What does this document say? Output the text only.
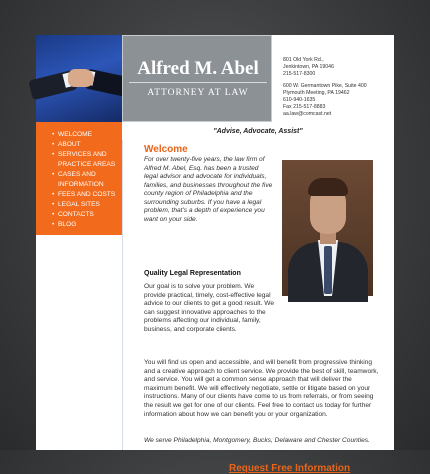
Alfred M. Abel
ATTORNEY AT LAW
801 Old York Rd.,
Jenkintown, PA 19046
215-517-8300
600 W. Germantown Pike, Suite 400
Plymouth Meeting, PA 19462
610-940-1635
Fax 215-517-8883
aa.law@comcast.net
• WELCOME
• ABOUT
• SERVICES AND
PRACTICE AREAS
• CASES AND
INFORMATION
• FEES AND COSTS
• LEGAL SITES
• CONTACTS
• BLOG
"Advise, Advocate, Assist"
Welcome
For over twenty-five years, the law firm of Alfred M. Abel, Esq. has been a trusted legal advisor and advocate for individuals, families, and businesses throughout the five county region of Philadelphia and the surrounding suburbs. If you have a legal problem, that's a depth of experience you want on your side.
Quality Legal Representation
Our goal is to solve your problem. We provide practical, timely, cost-effective legal advice to our clients to get a good result. We can suggest innovative approaches to the problems affecting our individual, family, business, and corporate clients.
You will find us open and accessible, and will benefit from progressive thinking and a creative approach to client service. We provide the best of skill, teamwork, and service. You will get a common sense approach that will deliver the maximum benefit. We will effectively negotiate, settle or litigate based on your instructions. Many of our clients have come to us from referrals, or from seeing the result we get for one of our clients. Feel free to contact us today for further information about how we can benefit you or your organization.
We serve Philadelphia, Montgomery, Bucks, Delaware and Chester Counties.
Request Free Information
